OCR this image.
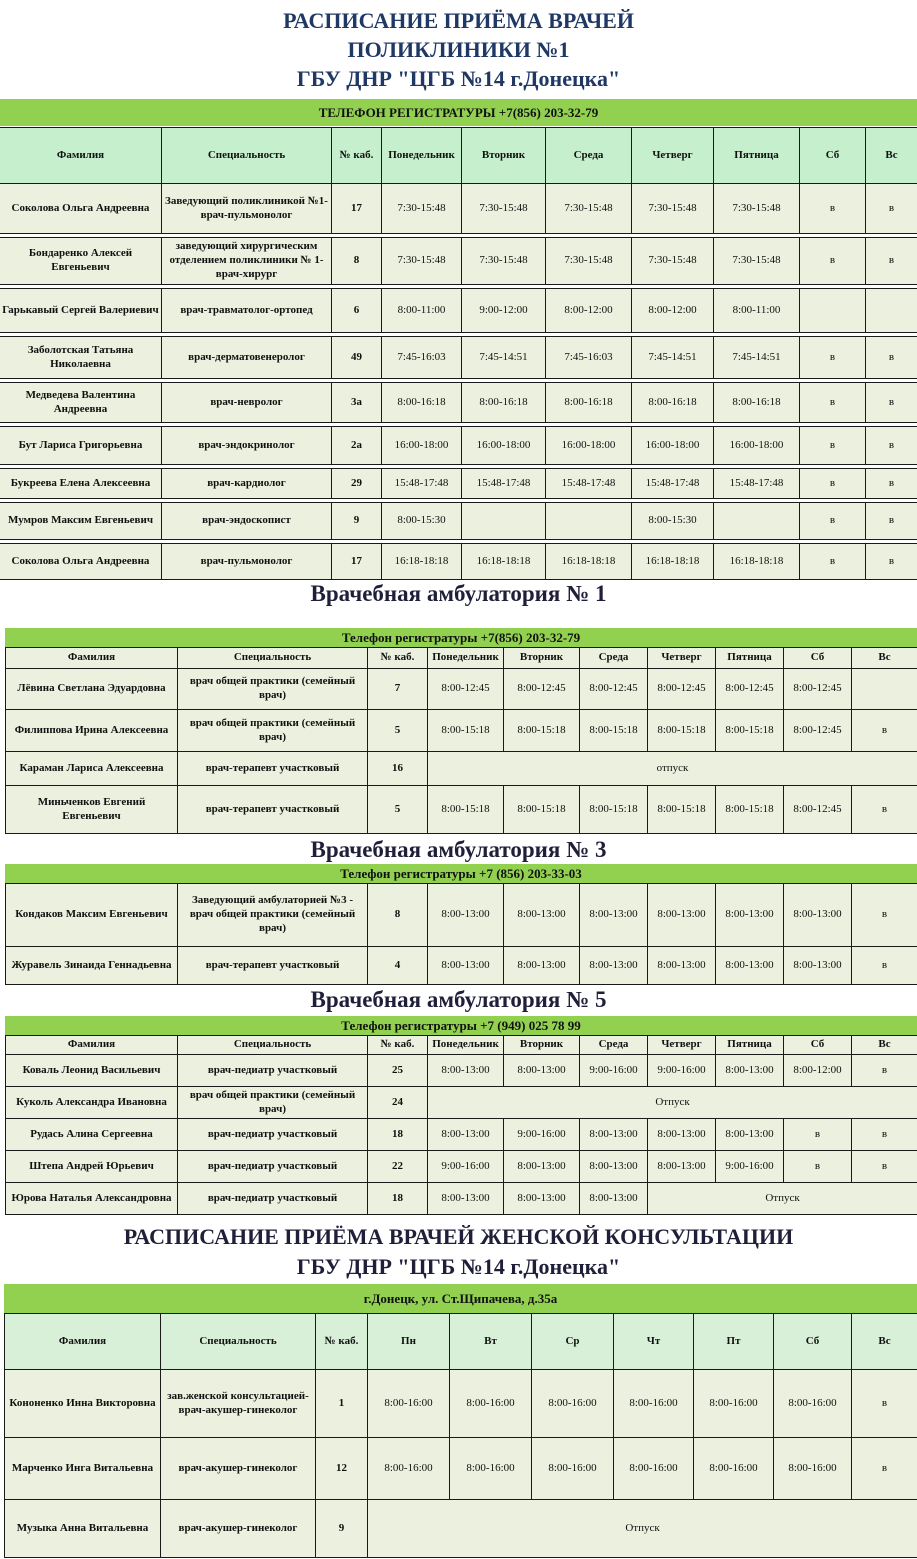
РАСПИСАНИЕ ПРИЁМА ВРАЧЕЙ
ПОЛИКЛИНИКИ №1
ГБУ ДНР "ЦГБ №14 г.Донецка"
ТЕЛЕФОН РЕГИСТРАТУРЫ +7(856) 203-32-79
Фамилия	Специальность	№ каб.	Понедельник	Вторник	Среда	Четверг	Пятница	Сб	Вс
Соколова Ольга Андреевна	Заведующий поликлиникой №1-врач-пульмонолог	17	7:30-15:48	7:30-15:48	7:30-15:48	7:30-15:48	7:30-15:48	в	в

Бондаренко Алексей Евгеньевич	заведующий хирургическим отделением поликлиники № 1-врач-хирург	8	7:30-15:48	7:30-15:48	7:30-15:48	7:30-15:48	7:30-15:48	в	в

Гарькавый Сергей Валериевич	врач-травматолог-ортопед	6	8:00-11:00	9:00-12:00	8:00-12:00	8:00-12:00	8:00-11:00		

Заболотская Татьяна Николаевна	врач-дерматовенеролог	49	7:45-16:03	7:45-14:51	7:45-16:03	7:45-14:51	7:45-14:51	в	в

Медведева Валентина Андреевна	врач-невролог	3а	8:00-16:18	8:00-16:18	8:00-16:18	8:00-16:18	8:00-16:18	в	в

Бут Лариса Григорьевна	врач-эндокринолог	2а	16:00-18:00	16:00-18:00	16:00-18:00	16:00-18:00	16:00-18:00	в	в

Букреева Елена Алексеевна	врач-кардиолог	29	15:48-17:48	15:48-17:48	15:48-17:48	15:48-17:48	15:48-17:48	в	в

Мумров Максим Евгеньевич	врач-эндоскопист	9	8:00-15:30			8:00-15:30		в	в

Соколова Ольга Андреевна	врач-пульмонолог	17	16:18-18:18	16:18-18:18	16:18-18:18	16:18-18:18	16:18-18:18	в	в
Врачебная амбулатория № 1
Телефон регистратуры +7(856) 203-32-79
Фамилия	Специальность	№ каб.	Понедельник	Вторник	Среда	Четверг	Пятница	Сб	Вс
Лёвина Светлана Эдуардовна	врач общей практики (семейный врач)	7	8:00-12:45	8:00-12:45	8:00-12:45	8:00-12:45	8:00-12:45	8:00-12:45	
Филиппова Ирина Алексеевна	врач общей практики (семейный врач)	5	8:00-15:18	8:00-15:18	8:00-15:18	8:00-15:18	8:00-15:18	8:00-12:45	в
Караман Лариса Алексеевна	врач-терапевт участковый	16	отпуск						
Миньченков Евгений Евгеньевич	врач-терапевт участковый	5	8:00-15:18	8:00-15:18	8:00-15:18	8:00-15:18	8:00-15:18	8:00-12:45	в
Врачебная амбулатория № 3
Телефон регистратуры +7 (856) 203-33-03
Кондаков Максим Евгеньевич	Заведующий амбулаторией №3 - врач общей практики (семейный врач)	8	8:00-13:00	8:00-13:00	8:00-13:00	8:00-13:00	8:00-13:00	8:00-13:00	в
Журавель Зинаида Геннадьевна	врач-терапевт участковый	4	8:00-13:00	8:00-13:00	8:00-13:00	8:00-13:00	8:00-13:00	8:00-13:00	в
Врачебная амбулатория № 5
Телефон регистратуры +7 (949) 025 78 99
Фамилия	Специальность	№ каб.	Понедельник	Вторник	Среда	Четверг	Пятница	Сб	Вс
Коваль Леонид Васильевич	врач-педиатр участковый	25	8:00-13:00	8:00-13:00	9:00-16:00	9:00-16:00	8:00-13:00	8:00-12:00	в
Куколь Александра Ивановна	врач общей практики (семейный врач)	24	Отпуск						
Рудась Алина Сергеевна	врач-педиатр участковый	18	8:00-13:00	9:00-16:00	8:00-13:00	8:00-13:00	8:00-13:00	в	в
Штепа Андрей Юрьевич	врач-педиатр участковый	22	9:00-16:00	8:00-13:00	8:00-13:00	8:00-13:00	9:00-16:00	в	в
Юрова Наталья Александровна	врач-педиатр участковый	18	8:00-13:00	8:00-13:00	8:00-13:00	Отпуск			
РАСПИСАНИЕ ПРИЁМА ВРАЧЕЙ ЖЕНСКОЙ КОНСУЛЬТАЦИИ
ГБУ ДНР "ЦГБ №14 г.Донецка"
г.Донецк, ул. Ст.Щипачева, д.35а
Фамилия	Специальность	№ каб.	Пн	Вт	Ср	Чт	Пт	Сб	Вс
Кононенко Инна Викторовна	зав.женской консультацией-врач-акушер-гинеколог	1	8:00-16:00	8:00-16:00	8:00-16:00	8:00-16:00	8:00-16:00	8:00-16:00	в
Марченко Инга Витальевна	врач-акушер-гинеколог	12	8:00-16:00	8:00-16:00	8:00-16:00	8:00-16:00	8:00-16:00	8:00-16:00	в
Музыка Анна Витальевна	врач-акушер-гинеколог	9	Отпуск						
